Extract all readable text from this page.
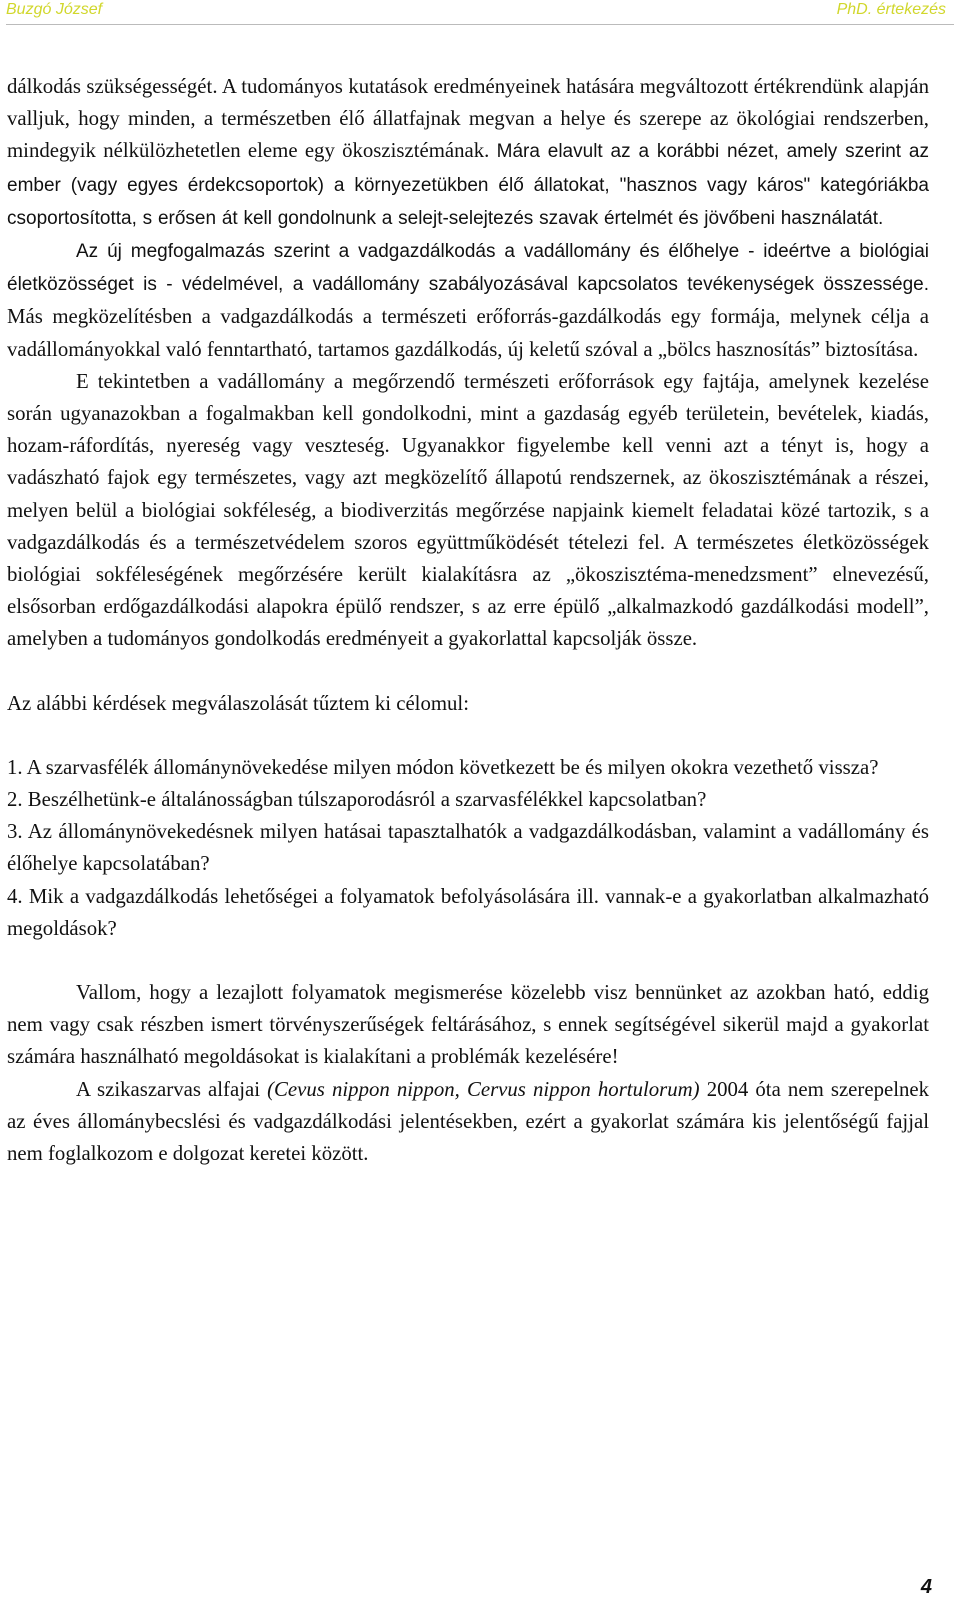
Buzgó József	PhD. értekezés

dálkodás szükségességét. A tudományos kutatások eredményeinek hatására megváltozott értékrendünk alapján valljuk, hogy minden, a természetben élő állatfajnak megvan a helye és szerepe az ökológiai rendszerben, mindegyik nélkülözhetetlen eleme egy ökoszisztémának. Mára elavult az a korábbi nézet, amely szerint az ember (vagy egyes érdekcsoportok) a környezetükben élő állatokat, "hasznos vagy káros" kategóriákba csoportosította, s erősen át kell gondolnunk a selejt-selejtezés szavak értelmét és jövőbeni használatát.

Az új megfogalmazás szerint a vadgazdálkodás a vadállomány és élőhelye - ideértve a biológiai életközösséget is - védelmével, a vadállomány szabályozásával kapcsolatos tevékenységek összessége. Más megközelítésben a vadgazdálkodás a természeti erőforrás-gazdálkodás egy formája, melynek célja a vadállományokkal való fenntartható, tartamos gazdálkodás, új keletű szóval a „bölcs hasznosítás” biztosítása.

E tekintetben a vadállomány a megőrzendő természeti erőforrások egy fajtája, amelynek kezelése során ugyanazokban a fogalmakban kell gondolkodni, mint a gazdaság egyéb területein, bevételek, kiadás, hozam-ráfordítás, nyereség vagy veszteség. Ugyanakkor figyelembe kell venni azt a tényt is, hogy a vadászható fajok egy természetes, vagy azt megközelítő állapotú rendszernek, az ökoszisztémának a részei, melyen belül a biológiai sokféleség, a biodiverzitás megőrzése napjaink kiemelt feladatai közé tartozik, s a vadgazdálkodás és a természetvédelem szoros együttműködését tételezi fel. A természetes életközösségek biológiai sokféleségének megőrzésére került kialakításra az „ökoszisztéma-menedzsment” elnevezésű, elsősorban erdőgazdálkodási alapokra épülő rendszer, s az erre épülő „alkalmazkodó gazdálkodási modell”, amelyben a tudományos gondolkodás eredményeit a gyakorlattal kapcsolják össze.

Az alábbi kérdések megválaszolását tűztem ki célomul:

1. A szarvasfélék állománynövekedése milyen módon következett be és milyen okokra vezethető vissza?

2. Beszélhetünk-e általánosságban túlszaporodásról a szarvasfélékkel kapcsolatban?

3. Az állománynövekedésnek milyen hatásai tapasztalhatók a vadgazdálkodásban, valamint a vadállomány és élőhelye kapcsolatában?

4. Mik a vadgazdálkodás lehetőségei a folyamatok befolyásolására ill. vannak-e a gyakorlatban alkalmazható megoldások?

Vallom, hogy a lezajlott folyamatok megismerése közelebb visz bennünket az azokban ható, eddig nem vagy csak részben ismert törvényszerűségek feltárásához, s ennek segítségével sikerül majd a gyakorlat számára használható megoldásokat is kialakítani a problémák kezelésére!

A szikaszarvas alfajai (Cevus nippon nippon, Cervus nippon hortulorum) 2004 óta nem szerepelnek az éves állománybecslési és vadgazdálkodási jelentésekben, ezért a gyakorlat számára kis jelentőségű fajjal nem foglalkozom e dolgozat keretei között.

4
